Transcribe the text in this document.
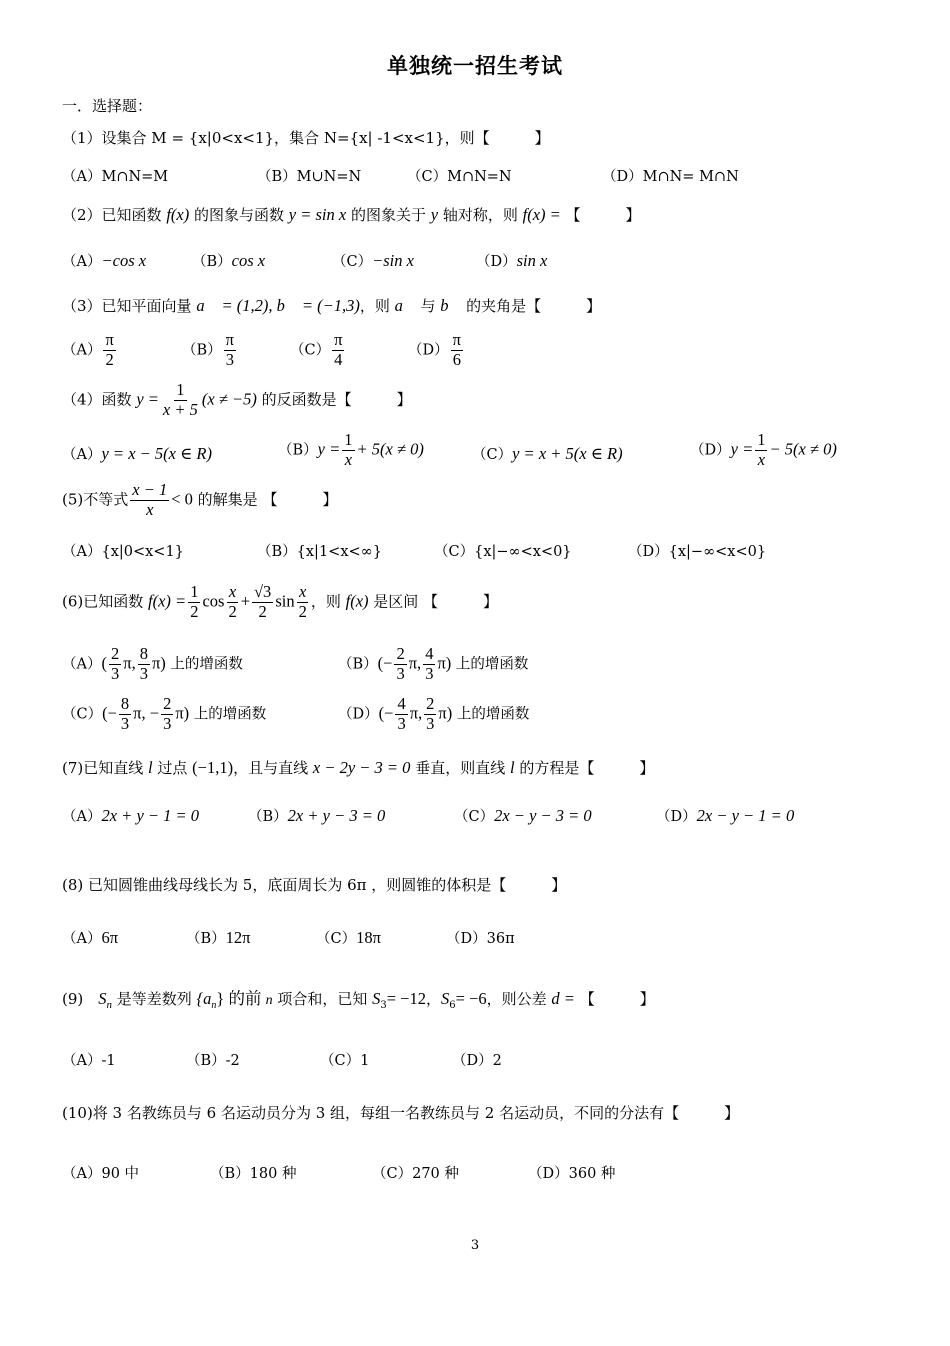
单独统一招生考试
一．选择题：
（1）设集合 M = {x|0<x<1}，集合 N={x| -1<x<1}，则【　　　】
（A）M∩N=M	（B）M∪N=N	（C）M∩N=N	（D）M∩N= M∩N
（2）已知函数 f(x) 的图象与函数 y = sin x 的图象关于 y 轴对称，则 f(x) = 【　　　】
（A）−cos x	（B）cos x	（C）−sin x	（D）sin x
（3）已知平面向量 a⃗ = (1,2), b⃗ = (−1,3)，则 a⃗ 与 b⃗ 的夹角是【　　　】
$(A) \frac{\pi}{2}$	$(B) \frac{\pi}{3}$	$(C) \frac{\pi}{4}$	$(D) \frac{\pi}{6}$
（4）函数 $y = \frac{1}{x + 5} (x \ne -5)$ 的反函数是【　　　】
（A）y = x − 5(x ∈ R)	$(B)y = \frac{1}{x} + 5(x \ne 0)$	（C）y = x + 5(x ∈ R)	$(D)y = \frac{1}{x} - 5(x \ne 0)$
(5)不等式 $\frac{x - 1}{x} < 0$ 的解集是 【　　　】
（A）{x|0<x<1}	（B）{x|1<x<∞}	（C）{x|−∞<x<0}	（D）{x|−∞<x<0}
(6)已知函数 $f(x) = \frac{1}{2}$ $\cos \frac{x}{2} + \frac{√3}{2}$ $\sin \frac{x}{2}$ ，则 f(x) 是区间 【　　　】
$(A)( \frac{2}{3} \pi$, $\frac{8}{3} \pi$) 上的增函数	$(B)(- \frac{2}{3} \pi$, $\frac{4}{3} \pi$) 上的增函数
$(C)(- \frac{8}{3} \pi$, − $\frac{2}{3} \pi$) 上的增函数	$(D)(- \frac{4}{3} \pi$, $\frac{2}{3} \pi$) 上的增函数
(7)已知直线 l 过点 (−1,1)，且与直线 x − 2y − 3 = 0 垂直，则直线 l 的方程是【　　　】
（A）2x + y − 1 = 0	（B）2x + y − 3 = 0	（C）2x − y − 3 = 0	（D）2x − y − 1 = 0
(8) 已知圆锥曲线母线长为 5，底面周长为 6π ，则圆锥的体积是【　　　】
（A）6π	（B）12π	（C）18π	（D）36π
(9)　$S_n$ 是等差数列 $\{a_n\}$ 的前 n 项合和，已知 $S_3= -12$，$S_6= -6$，则公差 d = 【　　　】
（A）-1	（B）-2	（C）1	（D）2
(10)将 3 名教练员与 6 名运动员分为 3 组，每组一名教练员与 2 名运动员，不同的分法有【　　　】
（A）90 中	（B）180 种	（C）270 种	（D）360 种
3
